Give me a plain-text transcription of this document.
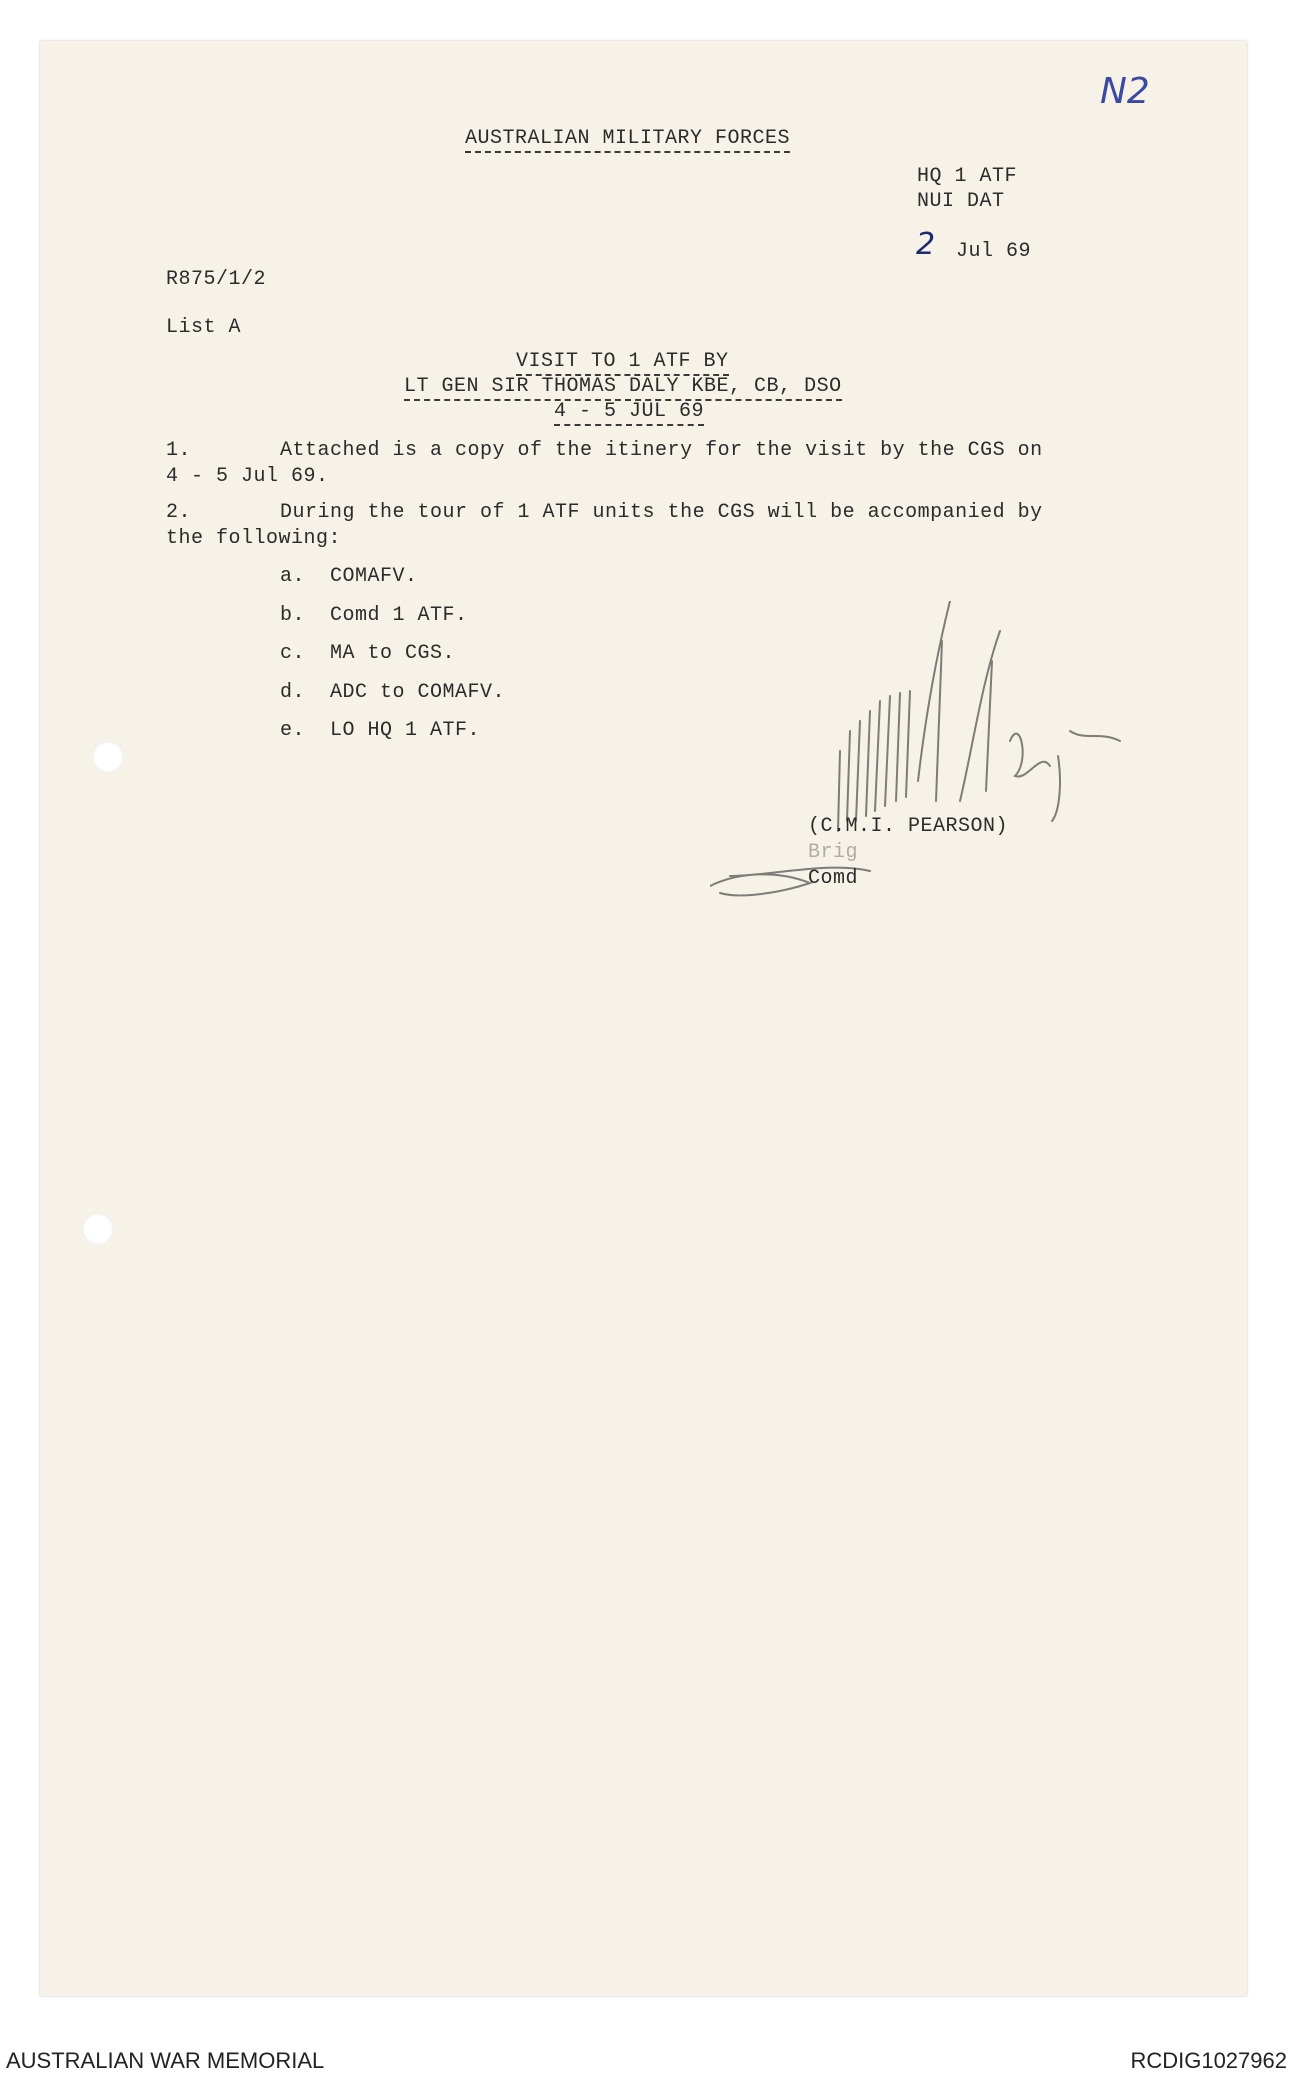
N2
AUSTRALIAN MILITARY FORCES
HQ 1 ATF
NUI DAT
2 Jul 69
R875/1/2
List A
VISIT TO 1 ATF BY
LT GEN SIR THOMAS DALY KBE, CB, DSO
4 - 5 JUL 69
1.	Attached is a copy of the itinery for the visit by the CGS on
4 - 5 Jul 69.
2.	During the tour of 1 ATF units the CGS will be accompanied by
the following:
a. COMAFV.
b. Comd 1 ATF.
c. MA to CGS.
d. ADC to COMAFV.
e. LO HQ 1 ATF.
(C.M.I. PEARSON)
Brig
Comd
AUSTRALIAN WAR MEMORIAL	RCDIG1027962
